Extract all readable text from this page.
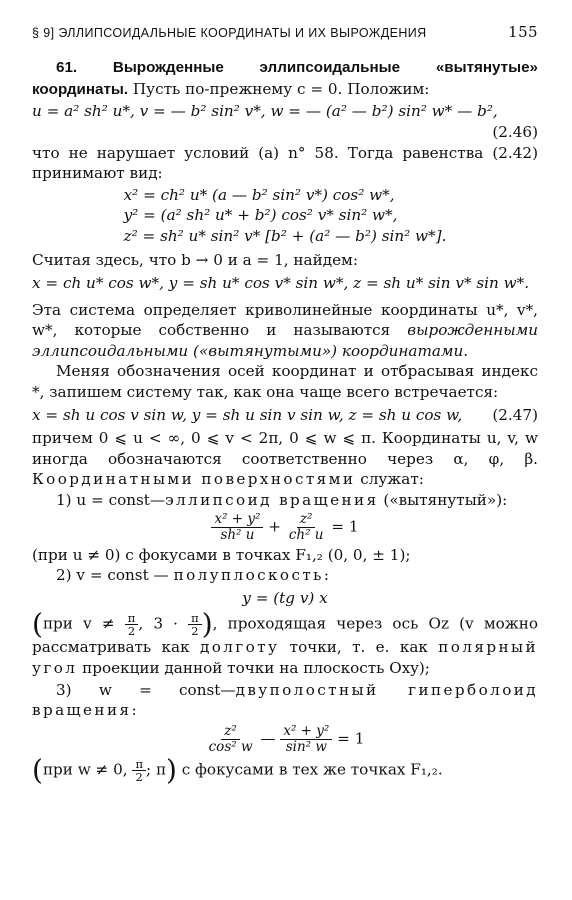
§ 9] ЭЛЛИПСОИДАЛЬНЫЕ КООРДИНАТЫ И ИХ ВЫРОЖДЕНИЯ	155

61. Вырожденные эллипсоидальные «вытянутые» координаты. Пусть по-прежнему c = 0. Положим:

u = a² sh² u*, v = — b² sin² v*, w = — (a² — b²) sin² w* — b²,
(2.46)

что не нарушает условий (а) n° 58. Тогда равенства (2.42) принимают вид:

x² = ch² u* (a — b² sin² v*) cos² w*,
y² = (a² sh² u* + b²) cos² v* sin² w*,
z² = sh² u* sin² v* [b² + (a² — b²) sin² w*].

Считая здесь, что b → 0 и a = 1, найдем:

x = ch u* cos w*, y = sh u* cos v* sin w*, z = sh u* sin v* sin w*.

Эта система определяет криволинейные координаты u*, v*, w*, которые собственно и называются вырожденными эллипсоидальными («вытянутыми») координатами.

Меняя обозначения осей координат и отбрасывая индекс *, запишем систему так, как она чаще всего встречается:

x = sh u cos v sin w, y = sh u sin v sin w, z = sh u cos w, (2.47)

причем 0 ⩽ u < ∞, 0 ⩽ v < 2π, 0 ⩽ w ⩽ π. Координаты u, v, w иногда обозначаются соответственно через α, φ, β. Координатными поверхностями служат:

1) u = const—эллипсоид вращения («вытянутый»):

$\frac{\text{x² + y²}}{\text{sh² u}} + \frac{\text{z²}}{\text{ch² u}} = 1$

(при u ≠ 0) с фокусами в точках F₁,₂ (0, 0, ± 1);

2) v = const — полуплоскость:

y = (tg v) x

(при $v \ne \frac{\pi}{2}$ , $3 \cdot \frac{\pi}{2}$ ), проходящая через ось Oz (v можно рассматривать как долготу точки, т. е. как полярный угол проекции данной точки на плоскость Oxy);

3) w = const—двуполостный гиперболоид вращения:

$\frac{\text{z²}}{\text{cos² w}}$ — $\frac{\text{x² + y²}}{\text{sin² w}} = 1$

(при w ≠ 0, $\frac{\pi}{2}$ ; π) с фокусами в тех же точках F₁,₂.
